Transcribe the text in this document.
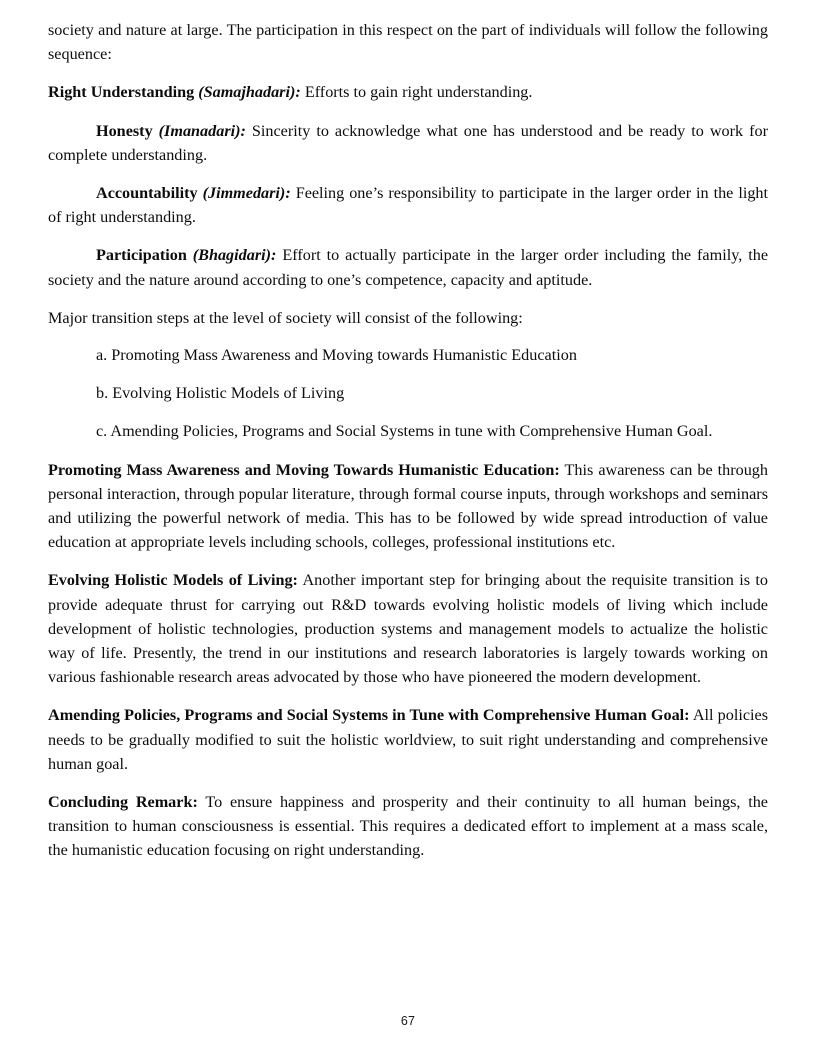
society and nature at large. The participation in this respect on the part of individuals will follow the following sequence:

Right Understanding (Samajhadari): Efforts to gain right understanding.

Honesty (Imanadari): Sincerity to acknowledge what one has understood and be ready to work for complete understanding.

Accountability (Jimmedari): Feeling one’s responsibility to participate in the larger order in the light of right understanding.

Participation (Bhagidari): Effort to actually participate in the larger order including the family, the society and the nature around according to one’s competence, capacity and aptitude.

Major transition steps at the level of society will consist of the following:

a. Promoting Mass Awareness and Moving towards Humanistic Education

b. Evolving Holistic Models of Living

c. Amending Policies, Programs and Social Systems in tune with Comprehensive Human Goal.

Promoting Mass Awareness and Moving Towards Humanistic Education: This awareness can be through personal interaction, through popular literature, through formal course inputs, through workshops and seminars and utilizing the powerful network of media. This has to be followed by wide spread introduction of value education at appropriate levels including schools, colleges, professional institutions etc.

Evolving Holistic Models of Living: Another important step for bringing about the requisite transition is to provide adequate thrust for carrying out R&D towards evolving holistic models of living which include development of holistic technologies, production systems and management models to actualize the holistic way of life. Presently, the trend in our institutions and research laboratories is largely towards working on various fashionable research areas advocated by those who have pioneered the modern development.

Amending Policies, Programs and Social Systems in Tune with Comprehensive Human Goal: All policies needs to be gradually modified to suit the holistic worldview, to suit right understanding and comprehensive human goal.

Concluding Remark: To ensure happiness and prosperity and their continuity to all human beings, the transition to human consciousness is essential. This requires a dedicated effort to implement at a mass scale, the humanistic education focusing on right understanding.

67
